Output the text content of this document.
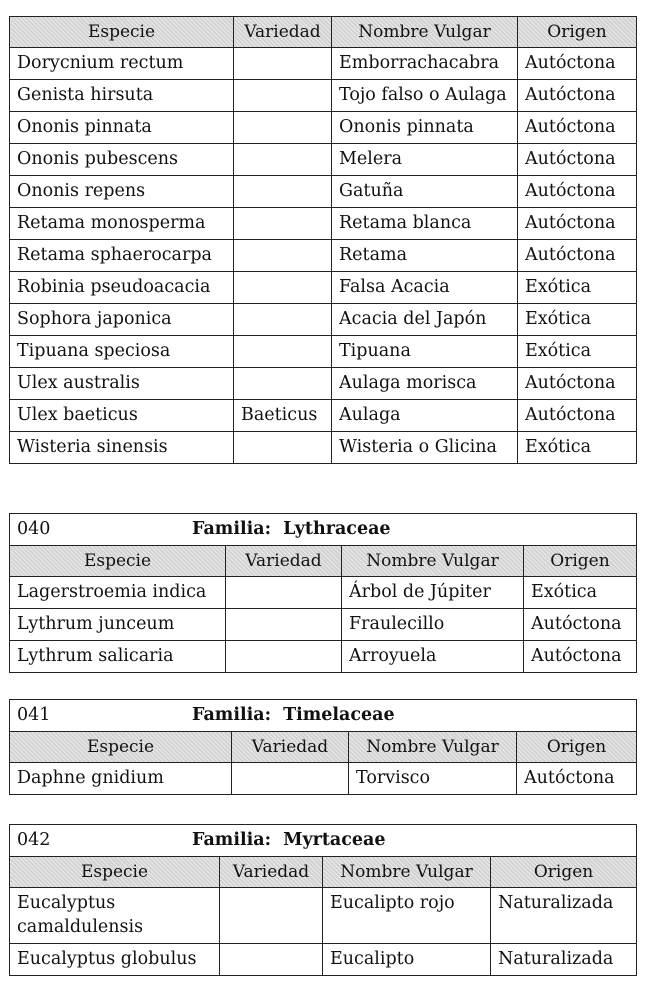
Especie	Variedad	Nombre Vulgar	Origen
Dorycnium rectum		Emborrachacabra	Autóctona
Genista hirsuta		Tojo falso o Aulaga	Autóctona
Ononis pinnata		Ononis pinnata	Autóctona
Ononis pubescens		Melera	Autóctona
Ononis repens		Gatuña	Autóctona
Retama monosperma		Retama blanca	Autóctona
Retama sphaerocarpa		Retama	Autóctona
Robinia pseudoacacia		Falsa Acacia	Exótica
Sophora japonica		Acacia del Japón	Exótica
Tipuana speciosa		Tipuana	Exótica
Ulex australis		Aulaga morisca	Autóctona
Ulex baeticus	Baeticus	Aulaga	Autóctona
Wisteria sinensis		Wisteria o Glicina	Exótica
040 Familia: Lythraceae			
Especie	Variedad	Nombre Vulgar	Origen
Lagerstroemia indica		Árbol de Júpiter	Exótica
Lythrum junceum		Fraulecillo	Autóctona
Lythrum salicaria		Arroyuela	Autóctona
041 Familia: Timelaceae			
Especie	Variedad	Nombre Vulgar	Origen
Daphne gnidium		Torvisco	Autóctona
042 Familia: Myrtaceae			
Especie	Variedad	Nombre Vulgar	Origen
Eucalyptus camaldulensis		Eucalipto rojo	Naturalizada
Eucalyptus globulus		Eucalipto	Naturalizada
